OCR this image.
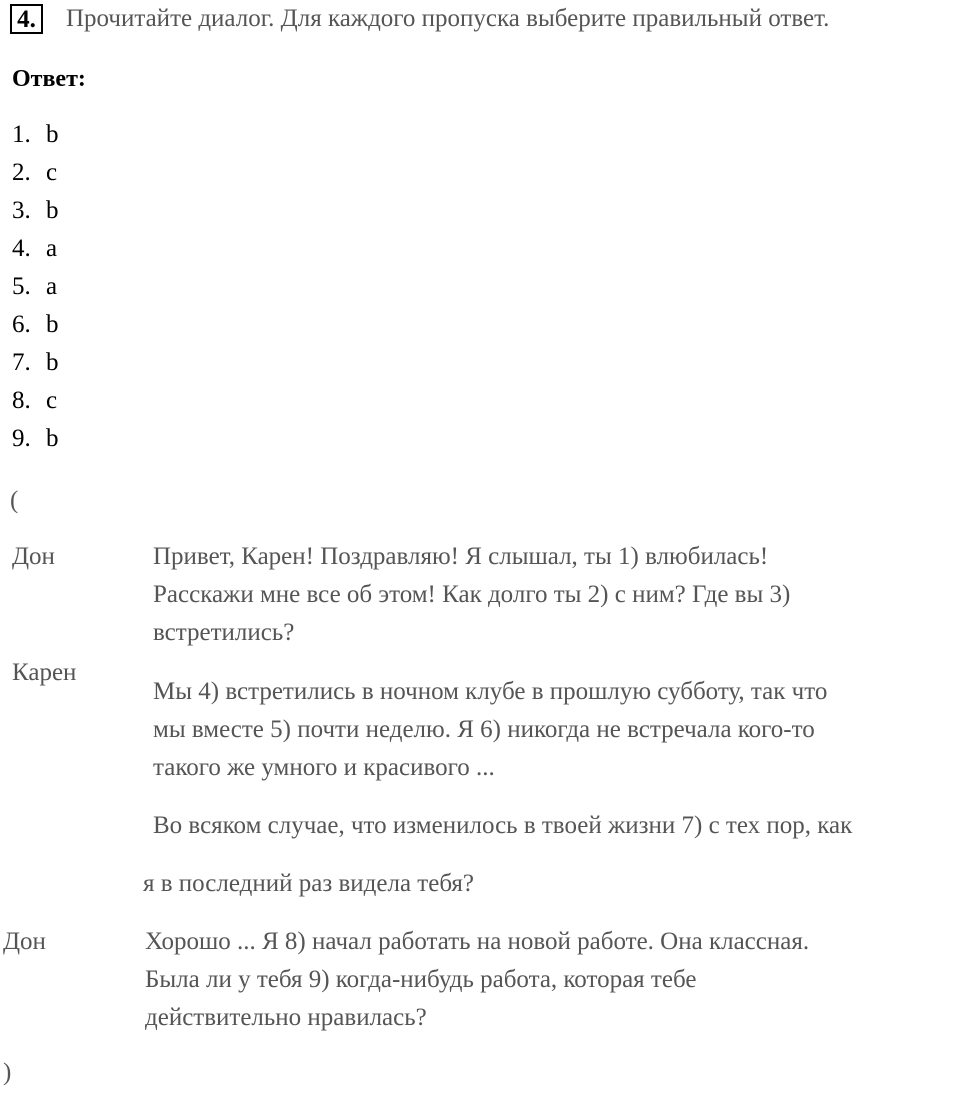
4. Прочитайте диалог. Для каждого пропуска выберите правильный ответ.
Ответ:
1. b
2. c
3. b
4. a
5. a
6. b
7. b
8. c
9. b
(
Дон	Привет, Карен! Поздравляю! Я слышал, ты 1) влюбилась!
Расскажи мне все об этом! Как долго ты 2) с ним? Где вы 3)
встретились?
Карен
Мы 4) встретились в ночном клубе в прошлую субботу, так что
мы вместе 5) почти неделю. Я 6) никогда не встречала кого-то
такого же умного и красивого ...
Во всяком случае, что изменилось в твоей жизни 7) с тех пор, как
я в последний раз видела тебя?
Дон	Хорошо ... Я 8) начал работать на новой работе. Она классная.
Была ли у тебя 9) когда-нибудь работа, которая тебе
действительно нравилась?
)
